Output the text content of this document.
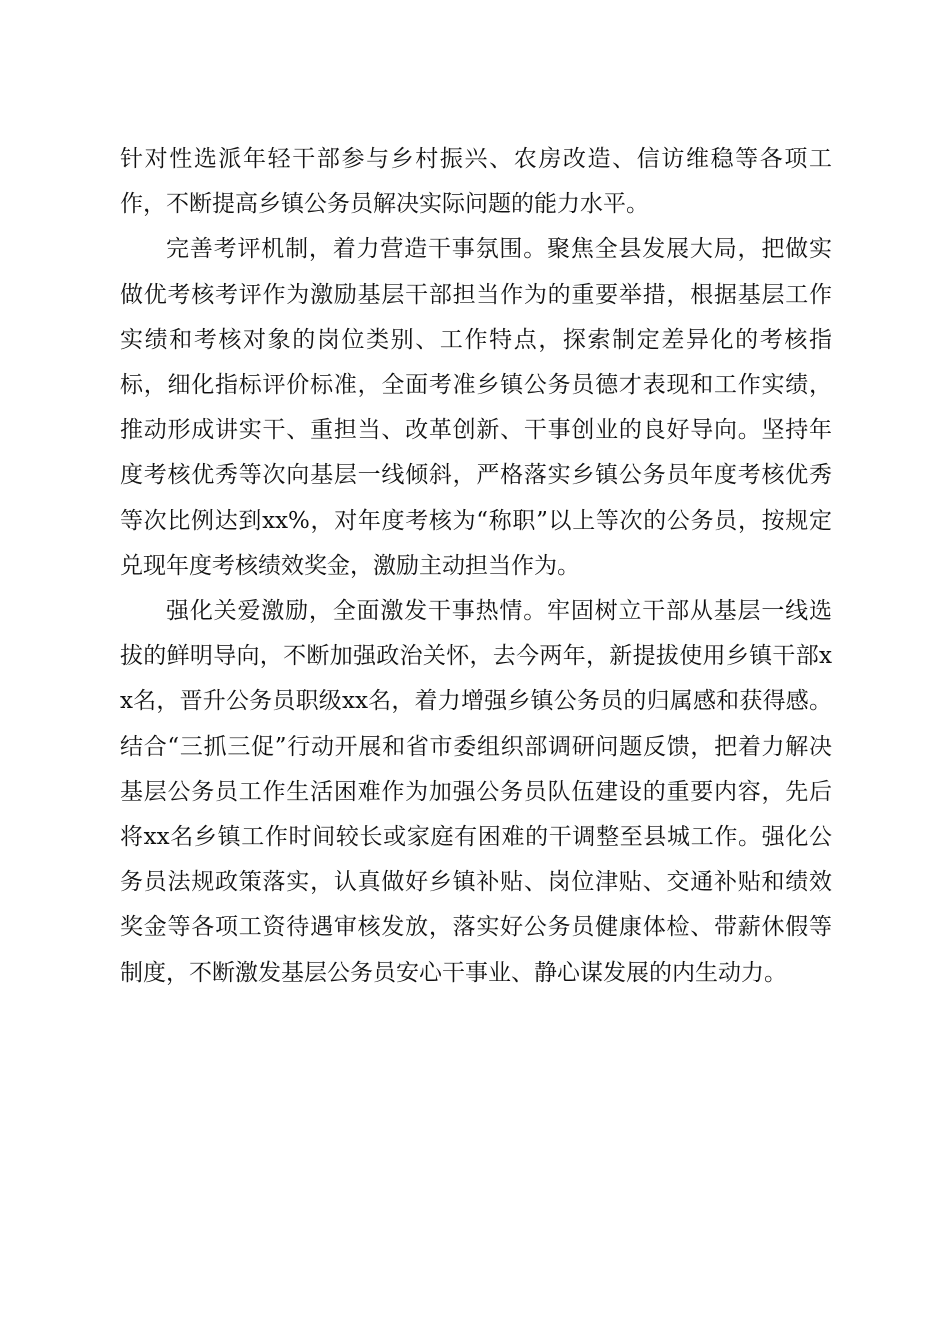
针对性选派年轻干部参与乡村振兴、农房改造、信访维稳等各项工作，不断提高乡镇公务员解决实际问题的能力水平。

完善考评机制，着力营造干事氛围。聚焦全县发展大局，把做实做优考核考评作为激励基层干部担当作为的重要举措，根据基层工作实绩和考核对象的岗位类别、工作特点，探索制定差异化的考核指标，细化指标评价标准，全面考准乡镇公务员德才表现和工作实绩，推动形成讲实干、重担当、改革创新、干事创业的良好导向。坚持年度考核优秀等次向基层一线倾斜，严格落实乡镇公务员年度考核优秀等次比例达到xx%，对年度考核为“称职”以上等次的公务员，按规定兑现年度考核绩效奖金，激励主动担当作为。

强化关爱激励，全面激发干事热情。牢固树立干部从基层一线选拔的鲜明导向，不断加强政治关怀，去今两年，新提拔使用乡镇干部xx名，晋升公务员职级xx名，着力增强乡镇公务员的归属感和获得感。结合“三抓三促”行动开展和省市委组织部调研问题反馈，把着力解决基层公务员工作生活困难作为加强公务员队伍建设的重要内容，先后将xx名乡镇工作时间较长或家庭有困难的干调整至县城工作。强化公务员法规政策落实，认真做好乡镇补贴、岗位津贴、交通补贴和绩效奖金等各项工资待遇审核发放，落实好公务员健康体检、带薪休假等制度，不断激发基层公务员安心干事业、静心谋发展的内生动力。
